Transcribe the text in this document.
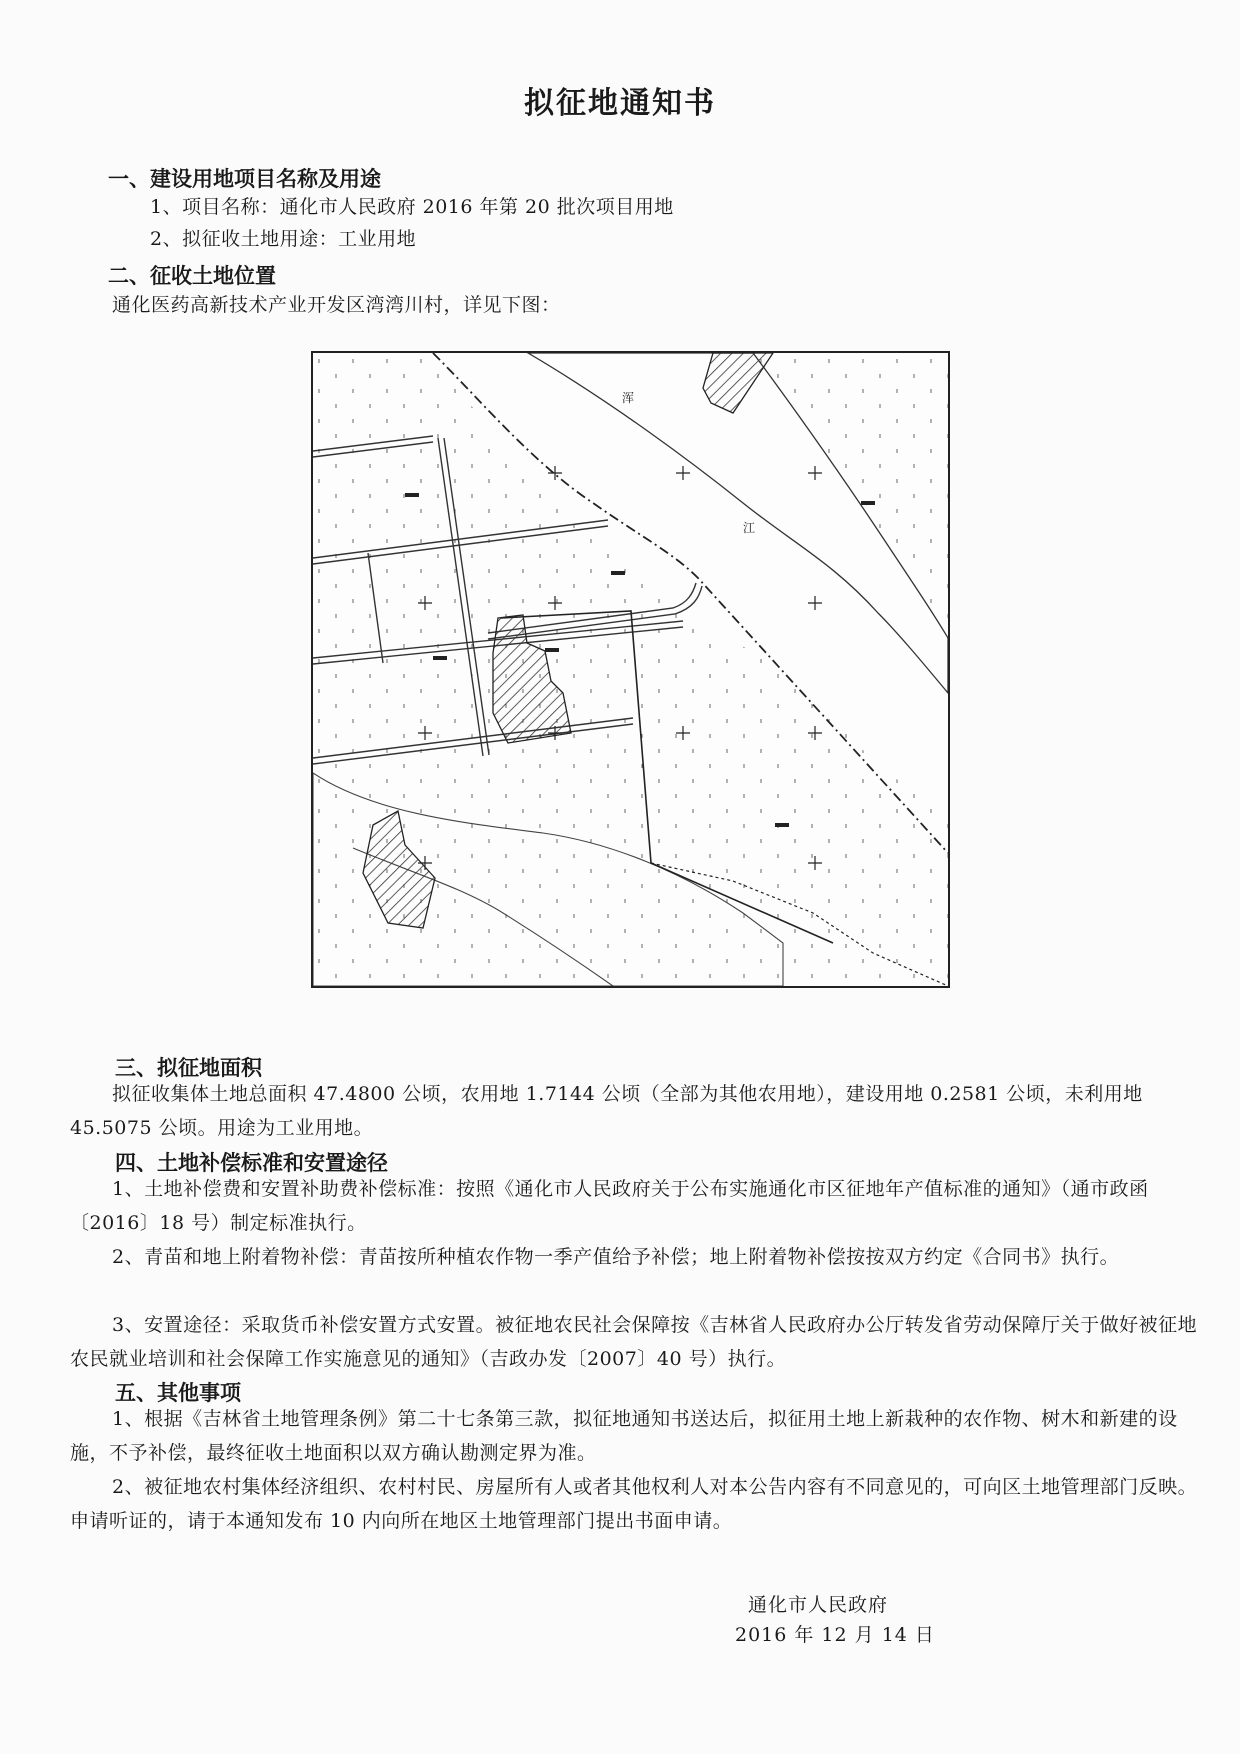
拟征地通知书
一、建设用地项目名称及用途
1、项目名称：通化市人民政府 2016 年第 20 批次项目用地
2、拟征收土地用途：工业用地
二、征收土地位置
通化医药高新技术产业开发区湾湾川村，详见下图：
浑
江
三、拟征地面积
拟征收集体土地总面积 47.4800 公顷，农用地 1.7144 公顷（全部为其他农用地），建设用地 0.2581 公顷，未利用地 45.5075 公顷。用途为工业用地。
四、土地补偿标准和安置途径
1、土地补偿费和安置补助费补偿标准：按照《通化市人民政府关于公布实施通化市区征地年产值标准的通知》（通市政函〔2016〕18 号）制定标准执行。
2、青苗和地上附着物补偿：青苗按所种植农作物一季产值给予补偿；地上附着物补偿按按双方约定《合同书》执行。
3、安置途径：采取货币补偿安置方式安置。被征地农民社会保障按《吉林省人民政府办公厅转发省劳动保障厅关于做好被征地农民就业培训和社会保障工作实施意见的通知》（吉政办发〔2007〕40 号）执行。
五、其他事项
1、根据《吉林省土地管理条例》第二十七条第三款，拟征地通知书送达后，拟征用土地上新栽种的农作物、树木和新建的设施，不予补偿，最终征收土地面积以双方确认勘测定界为准。
2、被征地农村集体经济组织、农村村民、房屋所有人或者其他权利人对本公告内容有不同意见的，可向区土地管理部门反映。申请听证的，请于本通知发布 10 内向所在地区土地管理部门提出书面申请。
通化市人民政府
2016 年 12 月 14 日
